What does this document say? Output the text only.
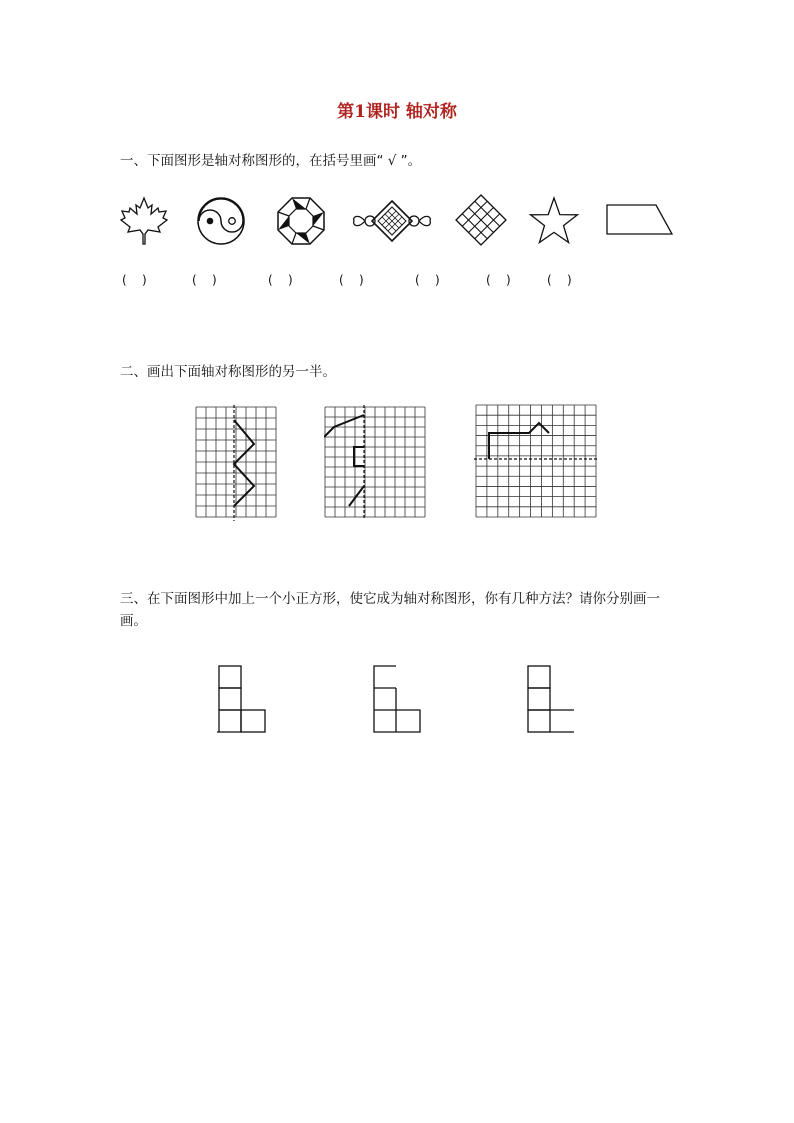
第1课时 轴对称
一、下面图形是轴对称图形的，在括号里画“ √ ”。
(    )	(    )	(    )	(    )	(    )	(    )	(    )
二、画出下面轴对称图形的另一半。
三、在下面图形中加上一个小正方形，使它成为轴对称图形，你有几种方法？请你分别画一画。
